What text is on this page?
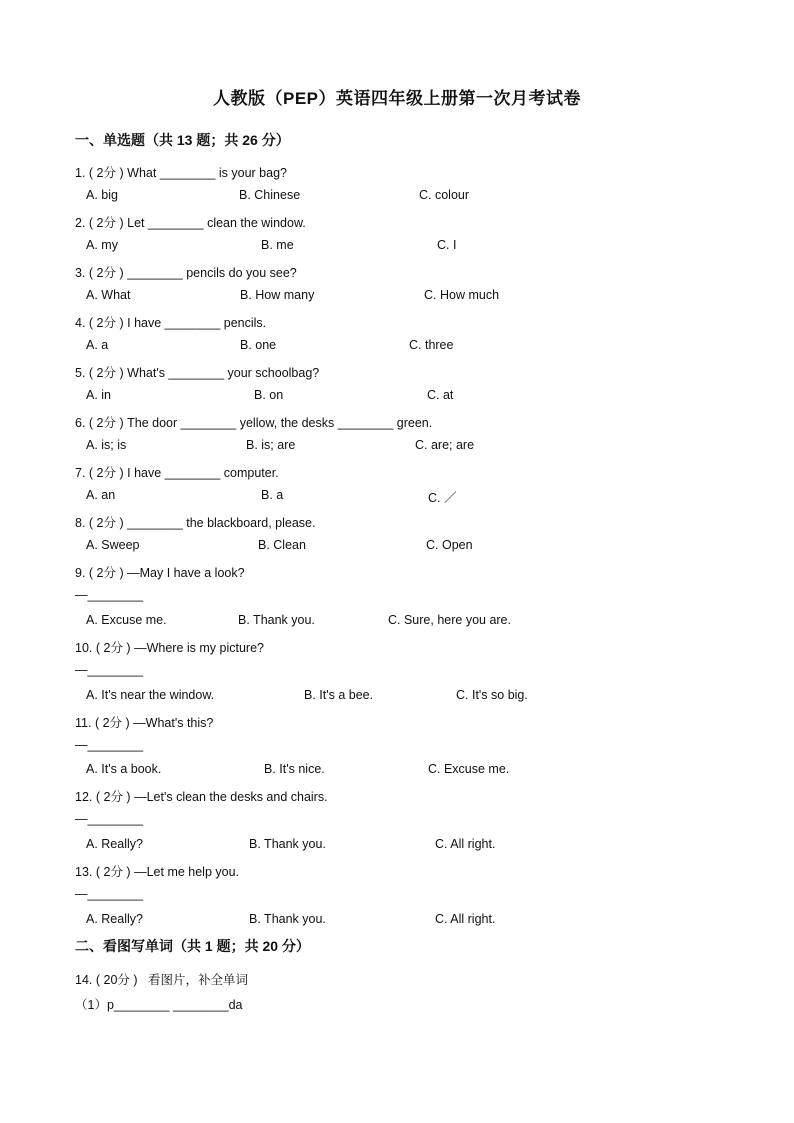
人教版（PEP）英语四年级上册第一次月考试卷
一、单选题（共 13 题；共 26 分）
1. ( 2分 ) What ________ is your bag?
A. big	B. Chinese	C. colour
2. ( 2分 ) Let ________ clean the window.
A. my	B. me	C. I
3. ( 2分 ) ________ pencils do you see?
A. What	B. How many	C. How much
4. ( 2分 ) I have ________ pencils.
A. a	B. one	C. three
5. ( 2分 ) What's ________ your schoolbag?
A. in	B. on	C. at
6. ( 2分 ) The door ________ yellow, the desks ________ green.
A. is; is	B. is; are	C. are; are
7. ( 2分 ) I have ________ computer.
A. an	B. a	C. ／
8. ( 2分 ) ________ the blackboard, please.
A. Sweep	B. Clean	C. Open
9. ( 2分 ) —May I have a look?
—________
A. Excuse me.	B. Thank you.	C. Sure, here you are.
10. ( 2分 ) —Where is my picture?
—________
A. It's near the window.	B. It's a bee.	C. It's so big.
11. ( 2分 ) —What's this?
—________
A. It's a book.	B. It's nice.	C. Excuse me.
12. ( 2分 ) —Let's clean the desks and chairs.
—________
A. Really?	B. Thank you.	C. All right.
13. ( 2分 ) —Let me help you.
—________
A. Really?	B. Thank you.	C. All right.
二、看图写单词（共 1 题；共 20 分）
14. ( 20分 ) 看图片，补全单词
（1）p________ ________da
